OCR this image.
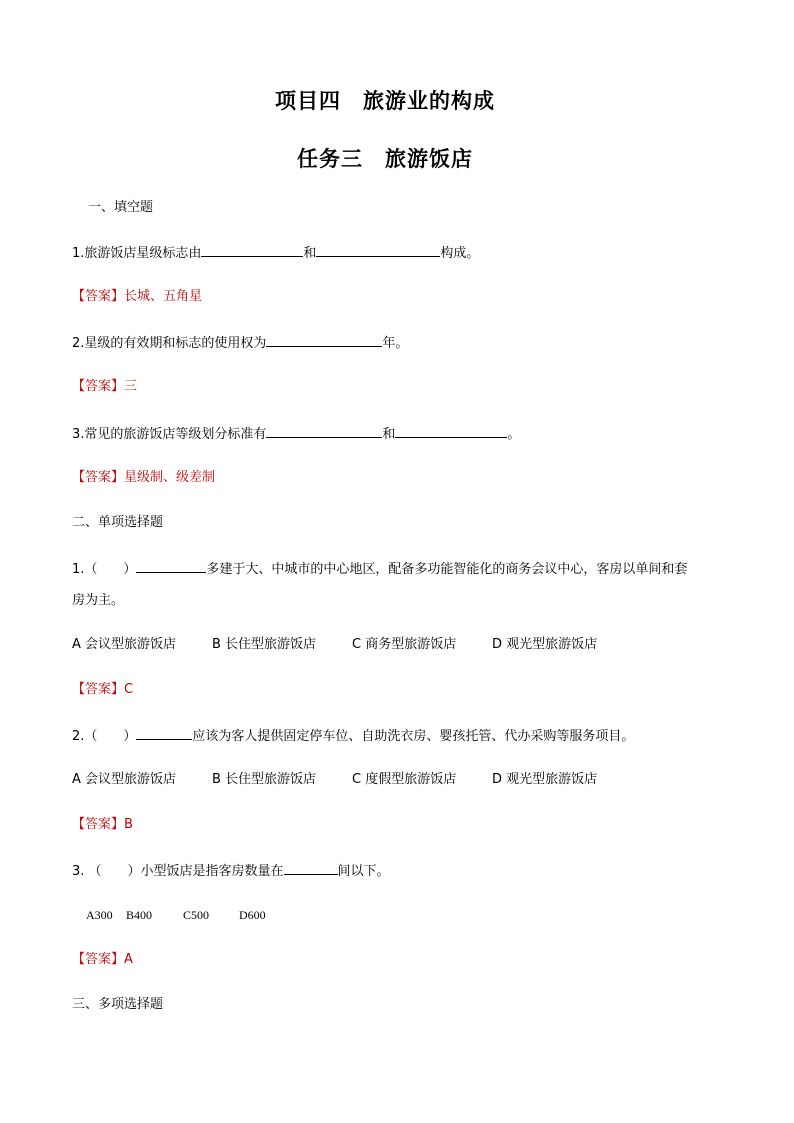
项目四　旅游业的构成
任务三　旅游饭店
一、填空题
1.旅游饭店星级标志由	和	构成。
【答案】长城、五角星
2.星级的有效期和标志的使用权为	年。
【答案】三
3.常见的旅游饭店等级划分标准有	和	。
【答案】星级制、级差制
二、单项选择题
1.（　　）	多建于大、中城市的中心地区，配备多功能智能化的商务会议中心，客房以单间和套
房为主。
A 会议型旅游饭店	B 长住型旅游饭店	C 商务型旅游饭店	D 观光型旅游饭店
【答案】C
2.（　　）	应该为客人提供固定停车位、自助洗衣房、婴孩托管、代办采购等服务项目。
A 会议型旅游饭店	B 长住型旅游饭店	C 度假型旅游饭店	D 观光型旅游饭店
【答案】B
3. （　　）小型饭店是指客房数量在	间以下。
A300 B400	C500 D600
【答案】A
三、多项选择题
